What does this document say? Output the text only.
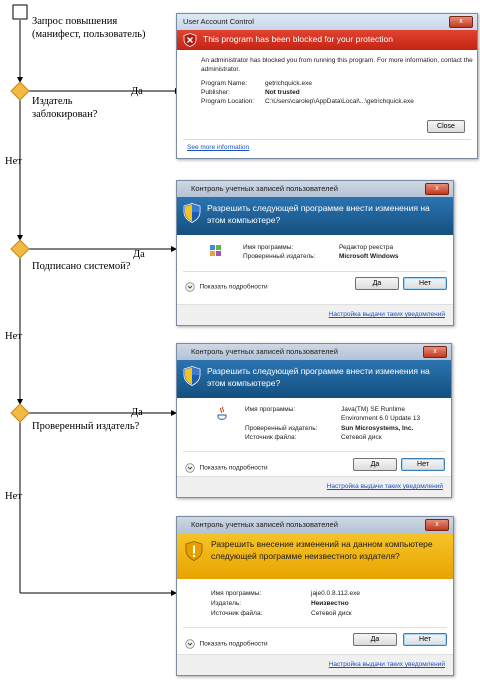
Запрос повышения (манифест, пользователь)
Издатель заблокирован?
Да
Нет
Подписано системой?
Да
Нет
Проверенный издатель?
Да
Нет
User Account Control	x
This program has been blocked for your protection
An administrator has blocked you from running this program. For more information, contact the administrator.
Program Name:	getrichquick.exe
Publisher:	Not trusted
Program Location: C:\Users\carolep\AppData\Local\...\getrichquick.exe
Close
See more information
Контроль учетных записей пользователей	x
Разрешить следующей программе внести изменения на этом компьютере?
Имя программы:	Редактор реестра
Проверенный издатель:	Microsoft Windows
Показать подробности	Да	Нет
Настройка выдачи таких уведомлений
Контроль учетных записей пользователей	x
Разрешить следующей программе внести изменения на этом компьютере?
Имя программы:	Java(TM) SE Runtime Environment 6.0 Update 13
Проверенный издатель:	Sun Microsystems, Inc.
Источник файла:	Сетевой диск
Показать подробности	Да	Нет
Настройка выдачи таких уведомлений
Контроль учетных записей пользователей	x
Разрешить внесение изменений на данном компьютере следующей программе неизвестного издателя?
Имя программы:	jaje0.0.8.112.exe
Издатель:	Неизвестно
Источник файла:	Сетевой диск
Показать подробности
Да	Нет
Настройка выдачи таких уведомлений
